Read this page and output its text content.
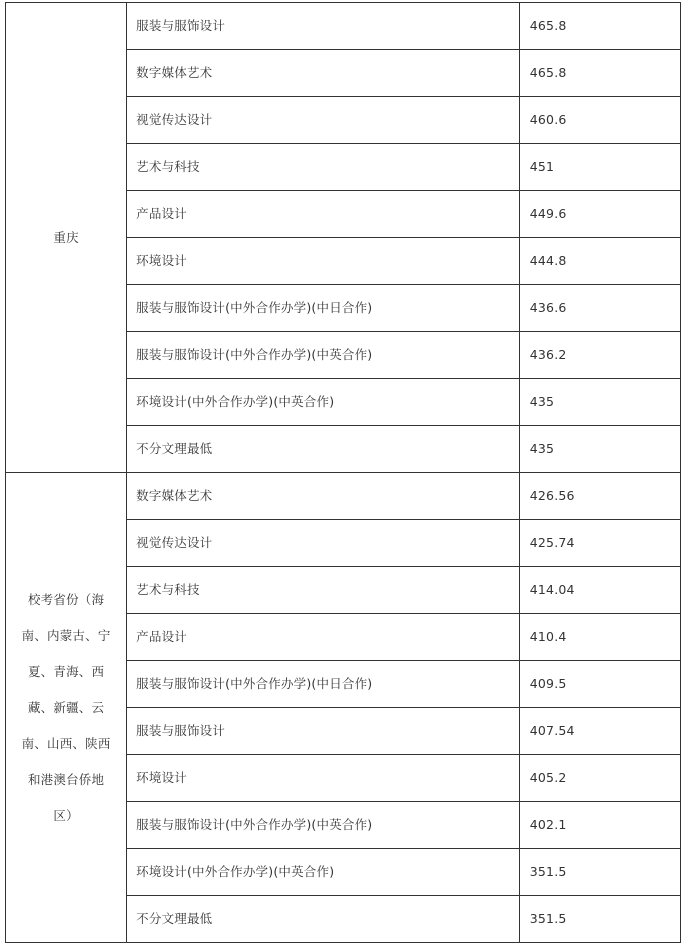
重庆	服装与服饰设计	465.8
	数字媒体艺术	465.8
	视觉传达设计	460.6
	艺术与科技	451
	产品设计	449.6
	环境设计	444.8
	服装与服饰设计(中外合作办学)(中日合作)	436.6
	服装与服饰设计(中外合作办学)(中英合作)	436.2
	环境设计(中外合作办学)(中英合作)	435
	不分文理最低	435
校考省份（海南、内蒙古、宁夏、青海、西藏、新疆、云南、山西、陕西和港澳台侨地区）	数字媒体艺术	426.56
	视觉传达设计	425.74
	艺术与科技	414.04
	产品设计	410.4
	服装与服饰设计(中外合作办学)(中日合作)	409.5
	服装与服饰设计	407.54
	环境设计	405.2
	服装与服饰设计(中外合作办学)(中英合作)	402.1
	环境设计(中外合作办学)(中英合作)	351.5
	不分文理最低	351.5
